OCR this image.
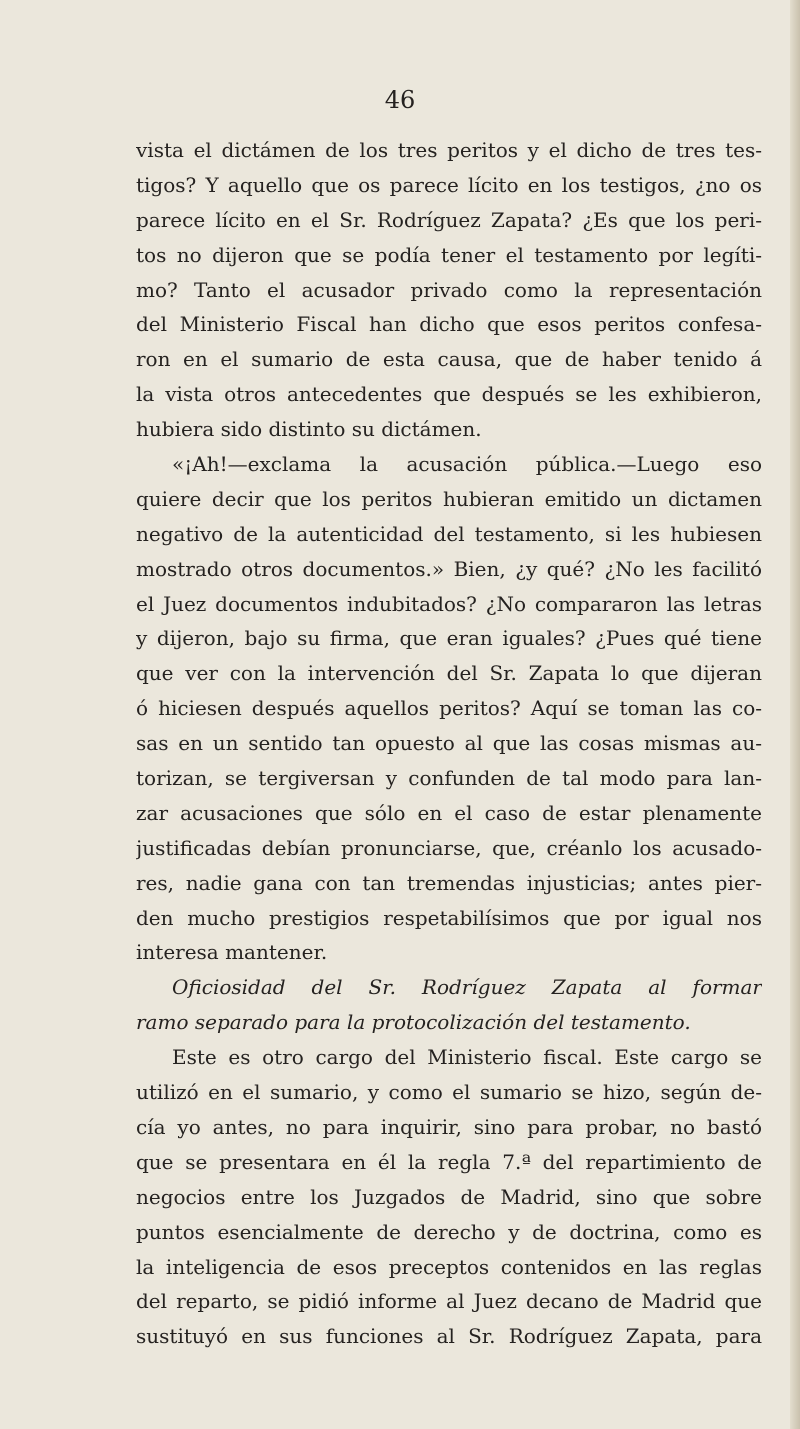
46
vista el dictámen de los tres peritos y el dicho de tres tes-
tigos? Y aquello que os parece lícito en los testigos, ¿no os
parece lícito en el Sr. Rodríguez Zapata? ¿Es que los peri-
tos no dijeron que se podía tener el testamento por legíti-
mo? Tanto el acusador privado como la representación
del Ministerio Fiscal han dicho que esos peritos confesa-
ron en el sumario de esta causa, que de haber tenido á
la vista otros antecedentes que después se les exhibieron,
hubiera sido distinto su dictámen.
«¡Ah!—exclama la acusación pública.—Luego eso
quiere decir que los peritos hubieran emitido un dictamen
negativo de la autenticidad del testamento, si les hubiesen
mostrado otros documentos.» Bien, ¿y qué? ¿No les facilitó
el Juez documentos indubitados? ¿No compararon las letras
y dijeron, bajo su firma, que eran iguales? ¿Pues qué tiene
que ver con la intervención del Sr. Zapata lo que dijeran
ó hiciesen después aquellos peritos? Aquí se toman las co-
sas en un sentido tan opuesto al que las cosas mismas au-
torizan, se tergiversan y confunden de tal modo para lan-
zar acusaciones que sólo en el caso de estar plenamente
justificadas debían pronunciarse, que, créanlo los acusado-
res, nadie gana con tan tremendas injusticias; antes pier-
den mucho prestigios respetabilísimos que por igual nos
interesa mantener.
Oficiosidad del Sr. Rodríguez Zapata al formar
ramo separado para la protocolización del testamento.
Este es otro cargo del Ministerio fiscal. Este cargo se
utilizó en el sumario, y como el sumario se hizo, según de-
cía yo antes, no para inquirir, sino para probar, no bastó
que se presentara en él la regla 7.ª del repartimiento de
negocios entre los Juzgados de Madrid, sino que sobre
puntos esencialmente de derecho y de doctrina, como es
la inteligencia de esos preceptos contenidos en las reglas
del reparto, se pidió informe al Juez decano de Madrid que
sustituyó en sus funciones al Sr. Rodríguez Zapata, para
